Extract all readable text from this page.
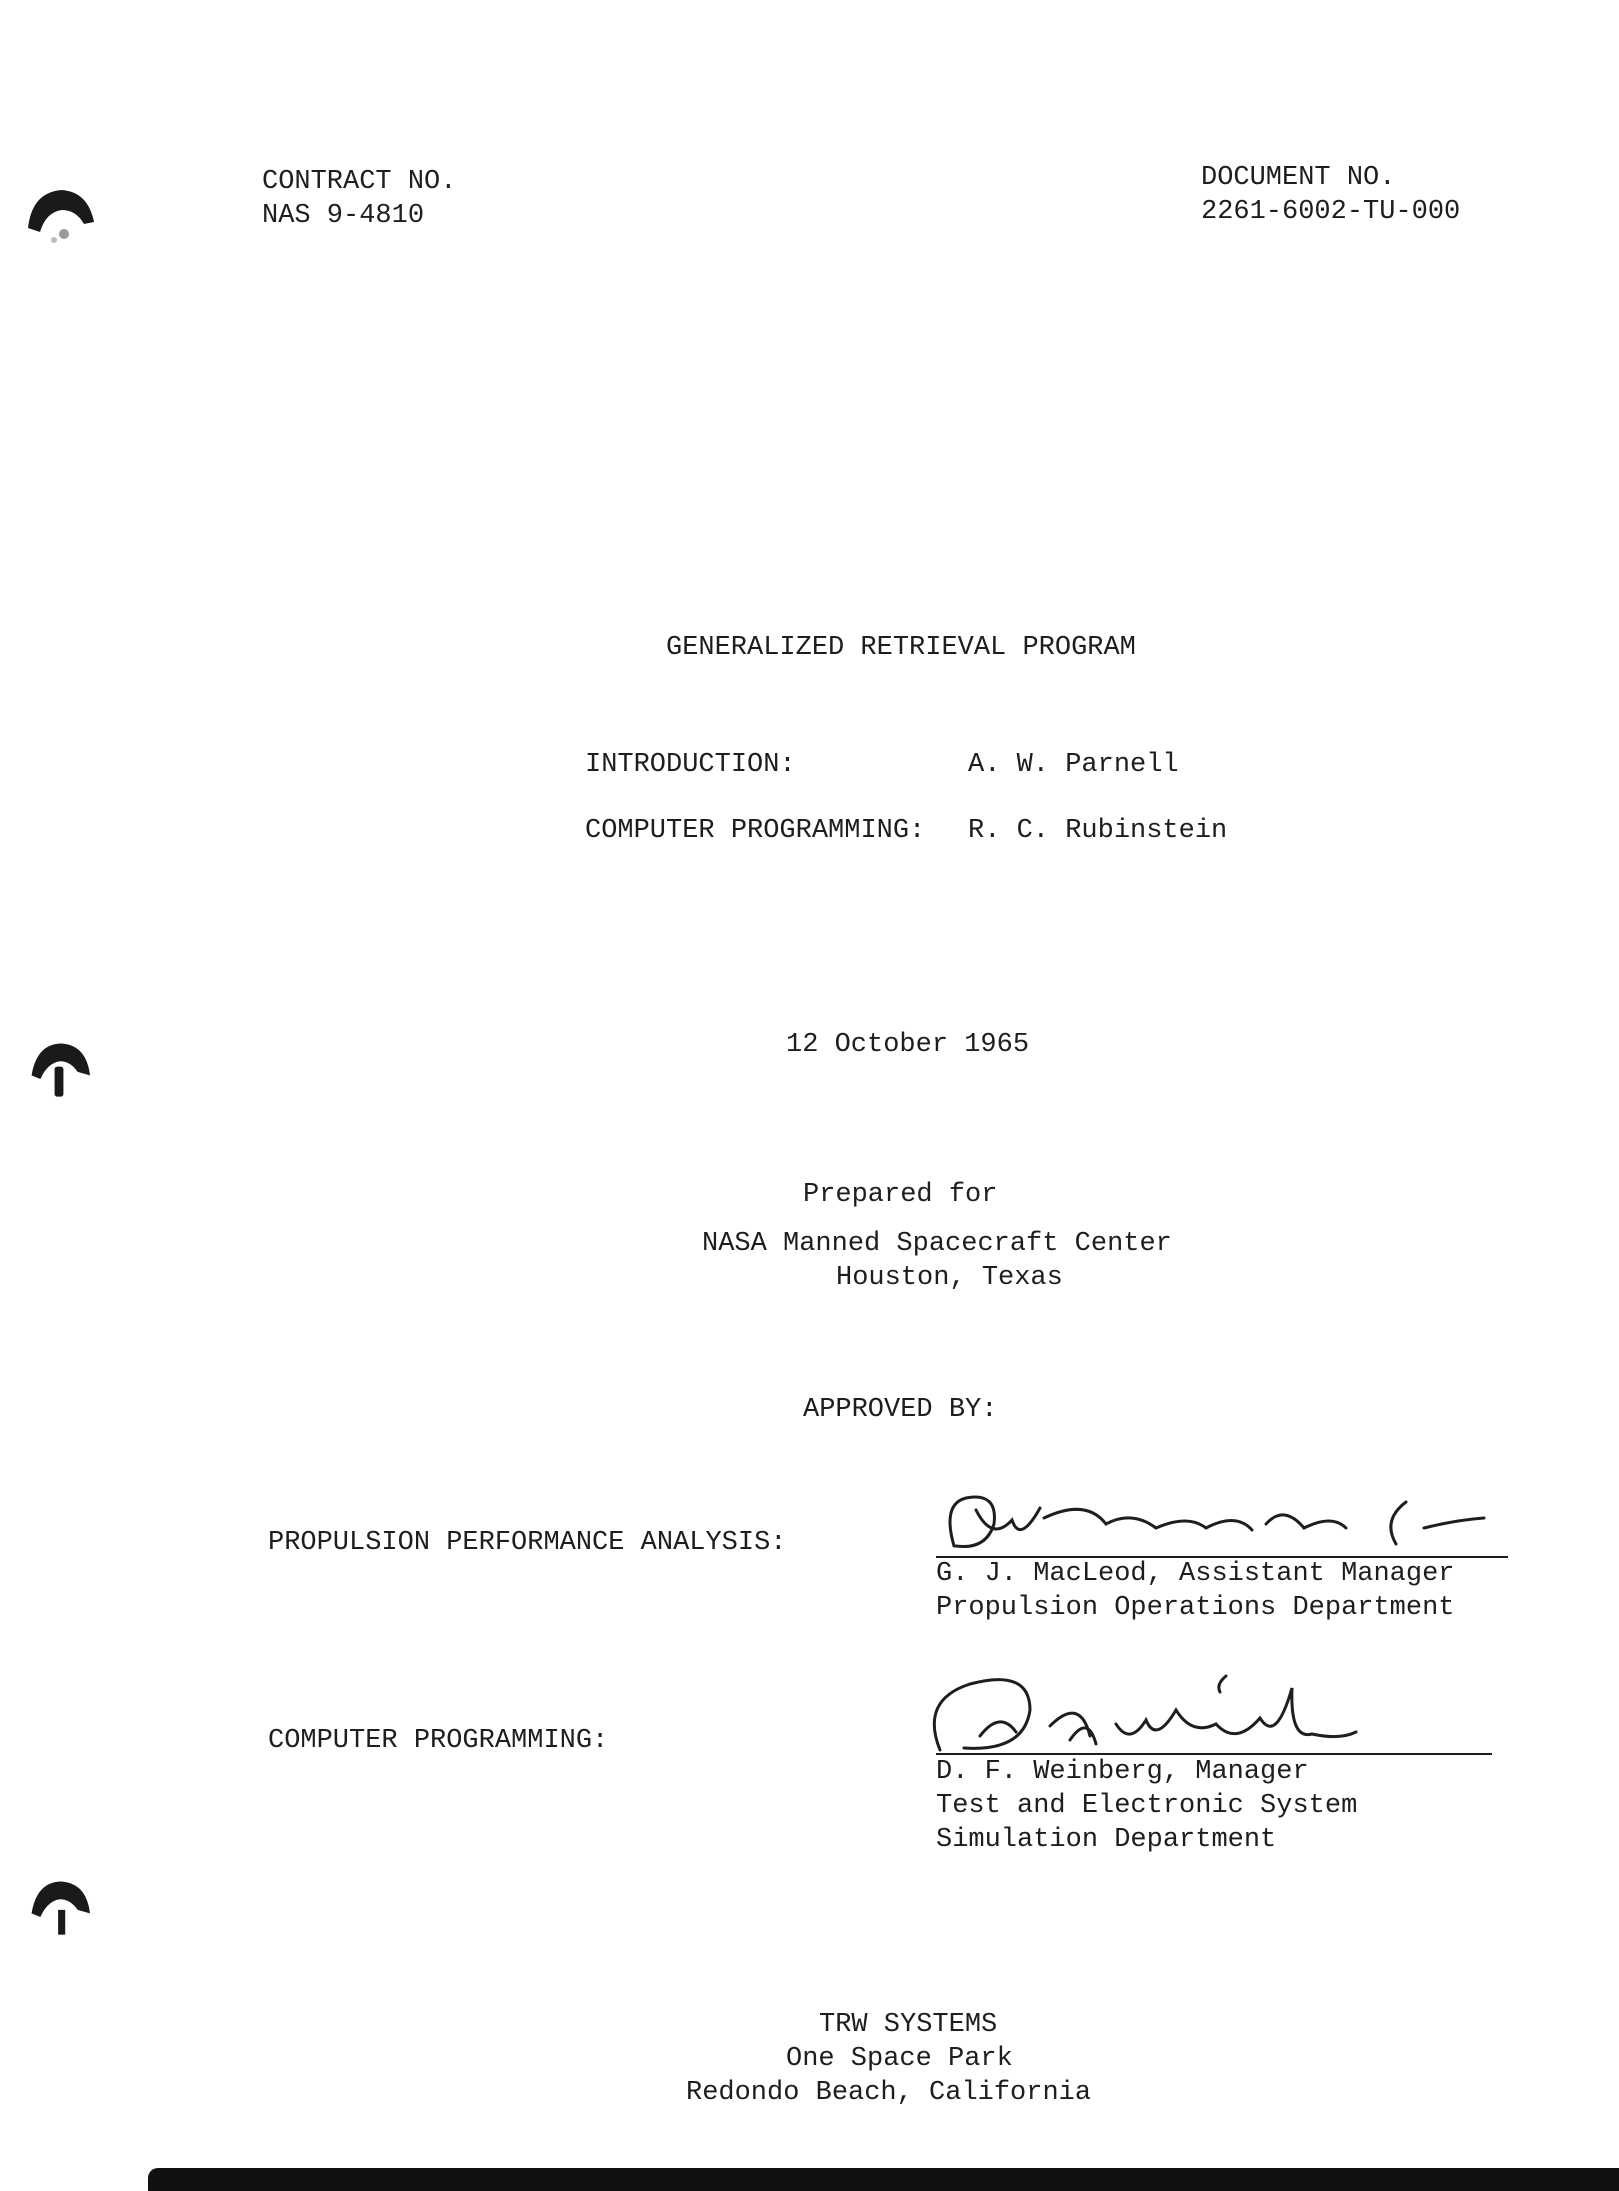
CONTRACT NO.
NAS 9-4810
DOCUMENT NO.
2261-6002-TU-000
GENERALIZED RETRIEVAL PROGRAM
INTRODUCTION:	A. W. Parnell
COMPUTER PROGRAMMING: R. C. Rubinstein
12 October 1965
Prepared for
NASA Manned Spacecraft Center
Houston, Texas
APPROVED BY:
PROPULSION PERFORMANCE ANALYSIS:
G. J. MacLeod, Assistant Manager
Propulsion Operations Department
COMPUTER PROGRAMMING:
D. F. Weinberg, Manager
Test and Electronic System
Simulation Department
TRW SYSTEMS
One Space Park
Redondo Beach, California
